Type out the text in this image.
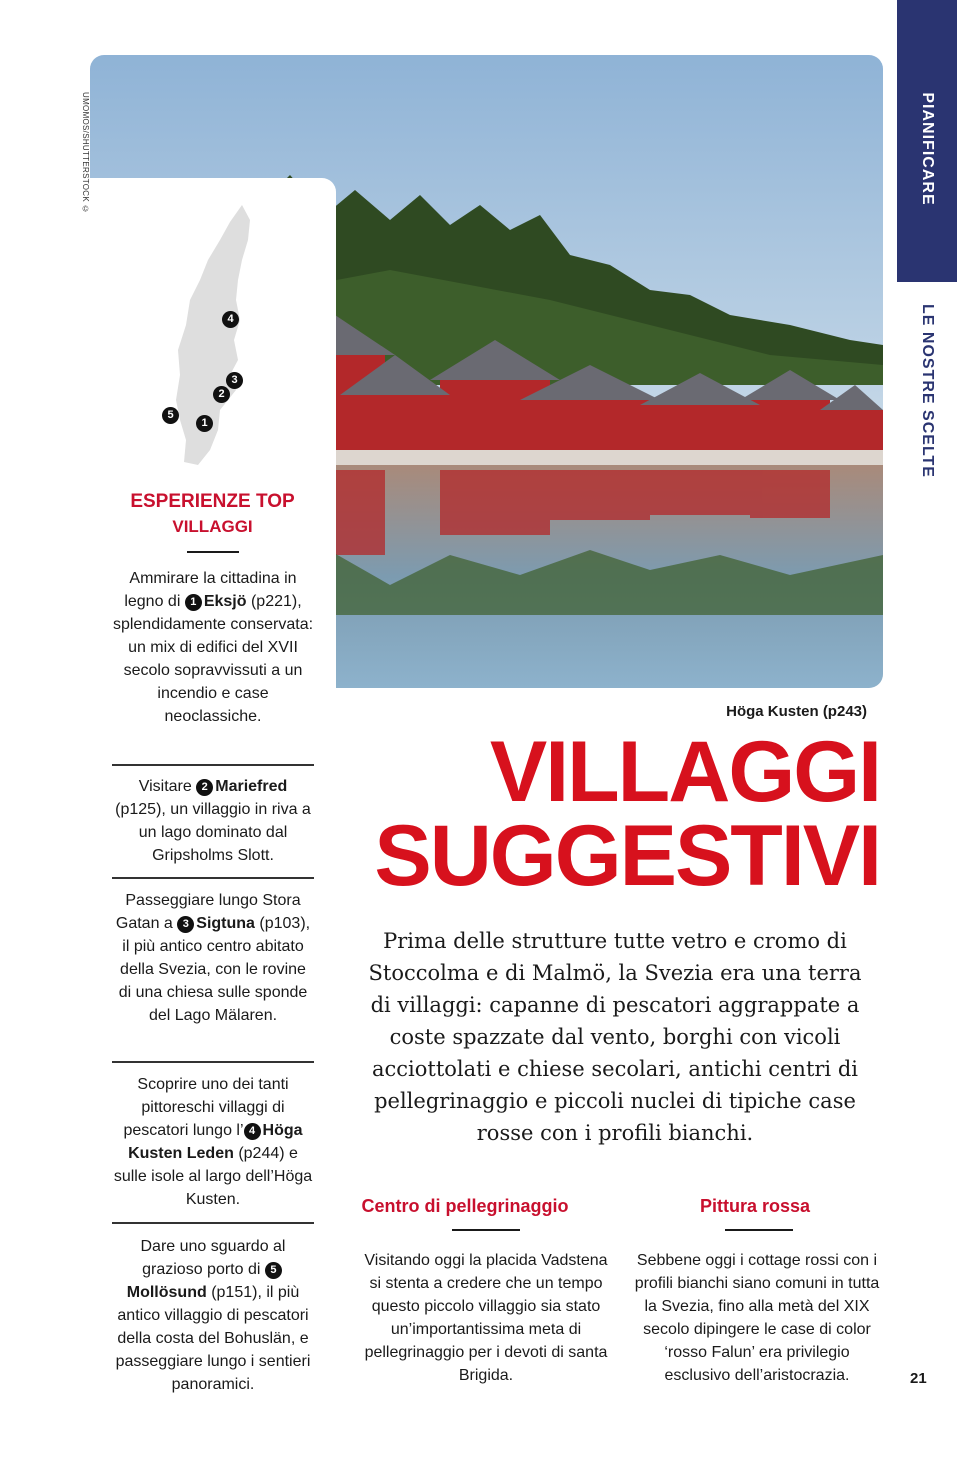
PIANIFICARE
LE NOSTRE SCELTE
UMOMOS/SHUTTERSTOCK ©
Höga Kusten (p243)
4
3
2
5
1
ESPERIENZE TOP
VILLAGGI
Ammirare la cittadina in legno di 1 Eksjö (p221), splendidamente conservata: un mix di edifici del XVII secolo sopravvissuti a un incendio e case neoclassiche.
Visitare 2 Mariefred (p125), un villaggio in riva a un lago dominato dal Gripsholms Slott.
Passeggiare lungo Stora Gatan a 3 Sigtuna (p103), il più antico centro abitato della Svezia, con le rovine di una chiesa sulle sponde del Lago Mälaren.
Scoprire uno dei tanti pittoreschi villaggi di pescatori lungo l’ 4 Höga Kusten Leden (p244) e sulle isole al largo dell’Höga Kusten.
Dare uno sguardo al grazioso porto di 5Mollösund (p151), il più antico villaggio di pescatori della costa del Bohuslän, e passeggiare lungo i sentieri panoramici.
VILLAGGI
SUGGESTIVI
Prima delle strutture tutte vetro e cromo di Stoccolma e di Malmö, la Svezia era una terra di villaggi: capanne di pescatori aggrappate a coste spazzate dal vento, borghi con vicoli acciottolati e chiese secolari, antichi centri di pellegrinaggio e piccoli nuclei di tipiche case rosse con i profili bianchi.
Centro di pellegrinaggio
Visitando oggi la placida Vadstena si stenta a credere che un tempo questo piccolo villaggio sia stato un’importantissima meta di pellegrinaggio per i devoti di santa Brigida.
Pittura rossa
Sebbene oggi i cottage rossi con i profili bianchi siano comuni in tutta la Svezia, fino alla metà del XIX secolo dipingere le case di color ‘rosso Falun’ era privilegio esclusivo dell’aristocrazia.	21
